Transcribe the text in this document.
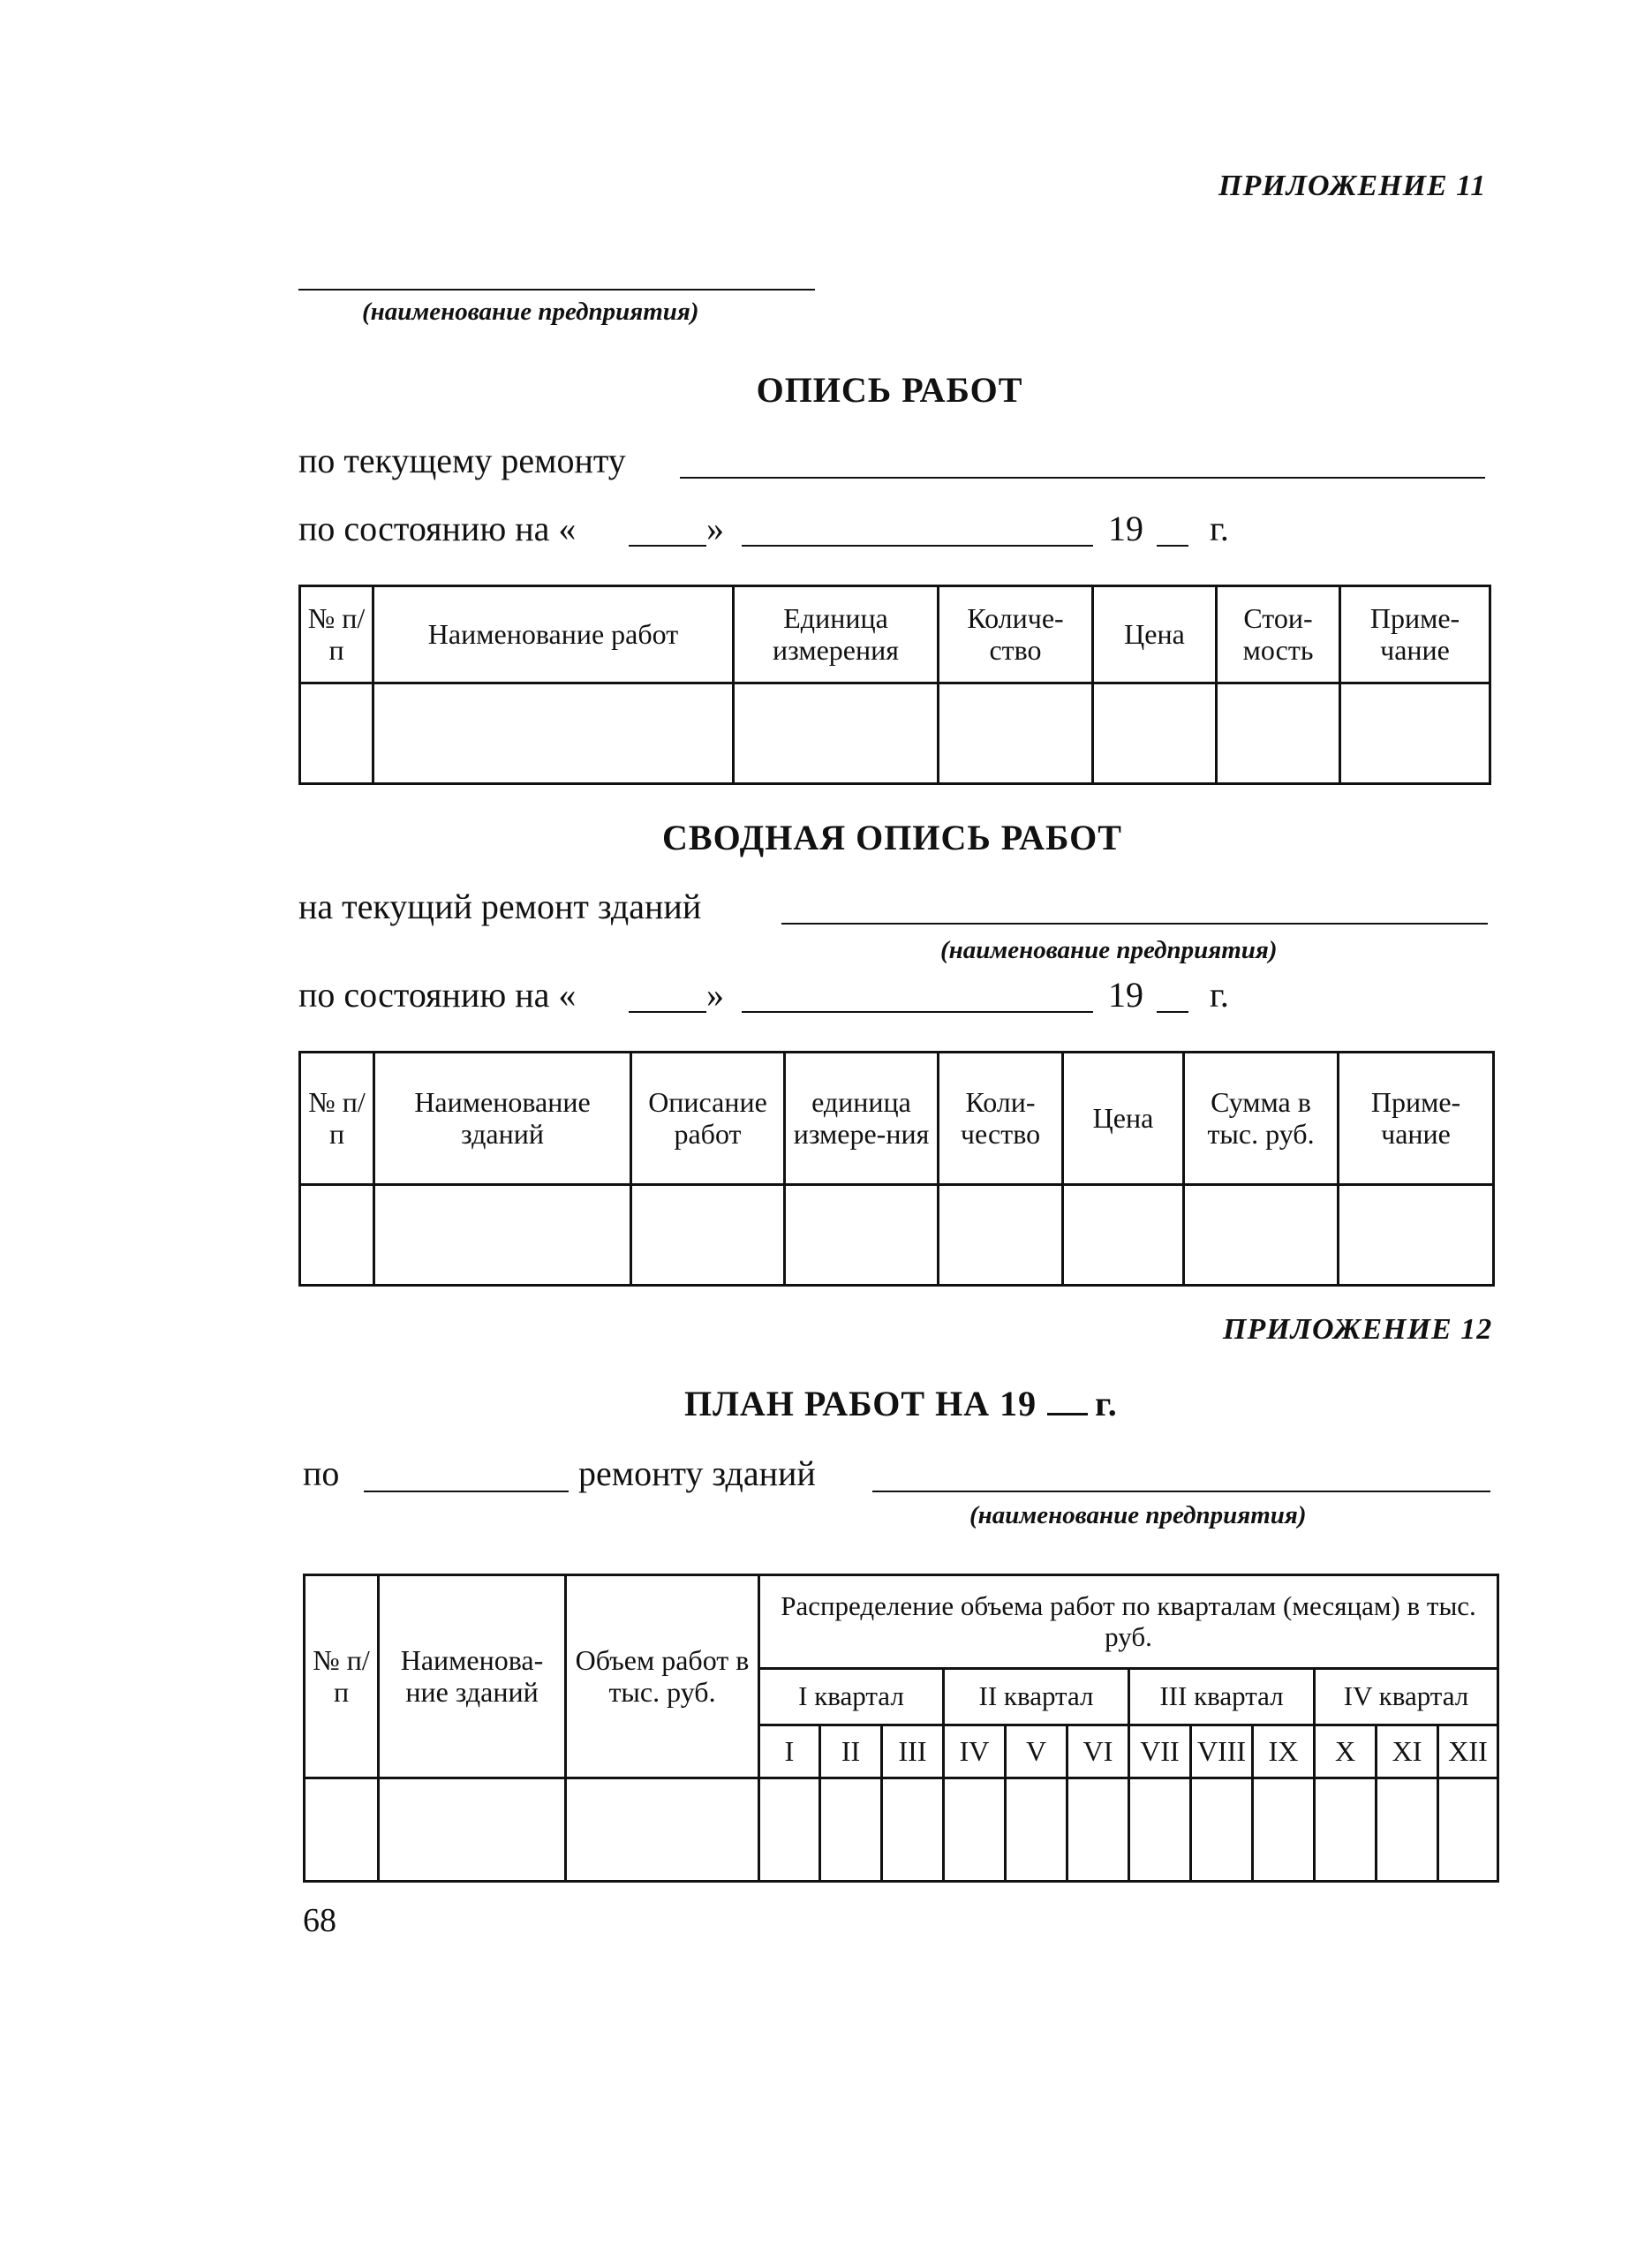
ПРИЛОЖЕНИЕ 11
(наименование предприятия)
ОПИСЬ РАБОТ
по текущему ремонту
по состоянию на «	»	19 г.
№ п/п	Наименование работ	Единица измерения	Количе-ство	Цена	Стои-мость	Приме-чание

СВОДНАЯ ОПИСЬ РАБОТ
на текущий ремонт зданий
(наименование предприятия)
по состоянию на «	»	19 г.
№ п/п	Наименование зданий	Описание работ	единица измере-ния	Коли-чество	Цена	Сумма в тыс. руб.	Приме-чание

ПРИЛОЖЕНИЕ 12
ПЛАН РАБОТ НА 19 г.
по	ремонту зданий
(наименование предприятия)
№ п/п	Наименова-ние зданий	Объем работ в тыс. руб.	Распределение объема работ по кварталам (месяцам) в тыс. руб.											
			I квартал			II квартал			III квартал			IV квартал		
			I	II	III	IV	V	VI	VII	VIII	IX	X	XI	XII

68
